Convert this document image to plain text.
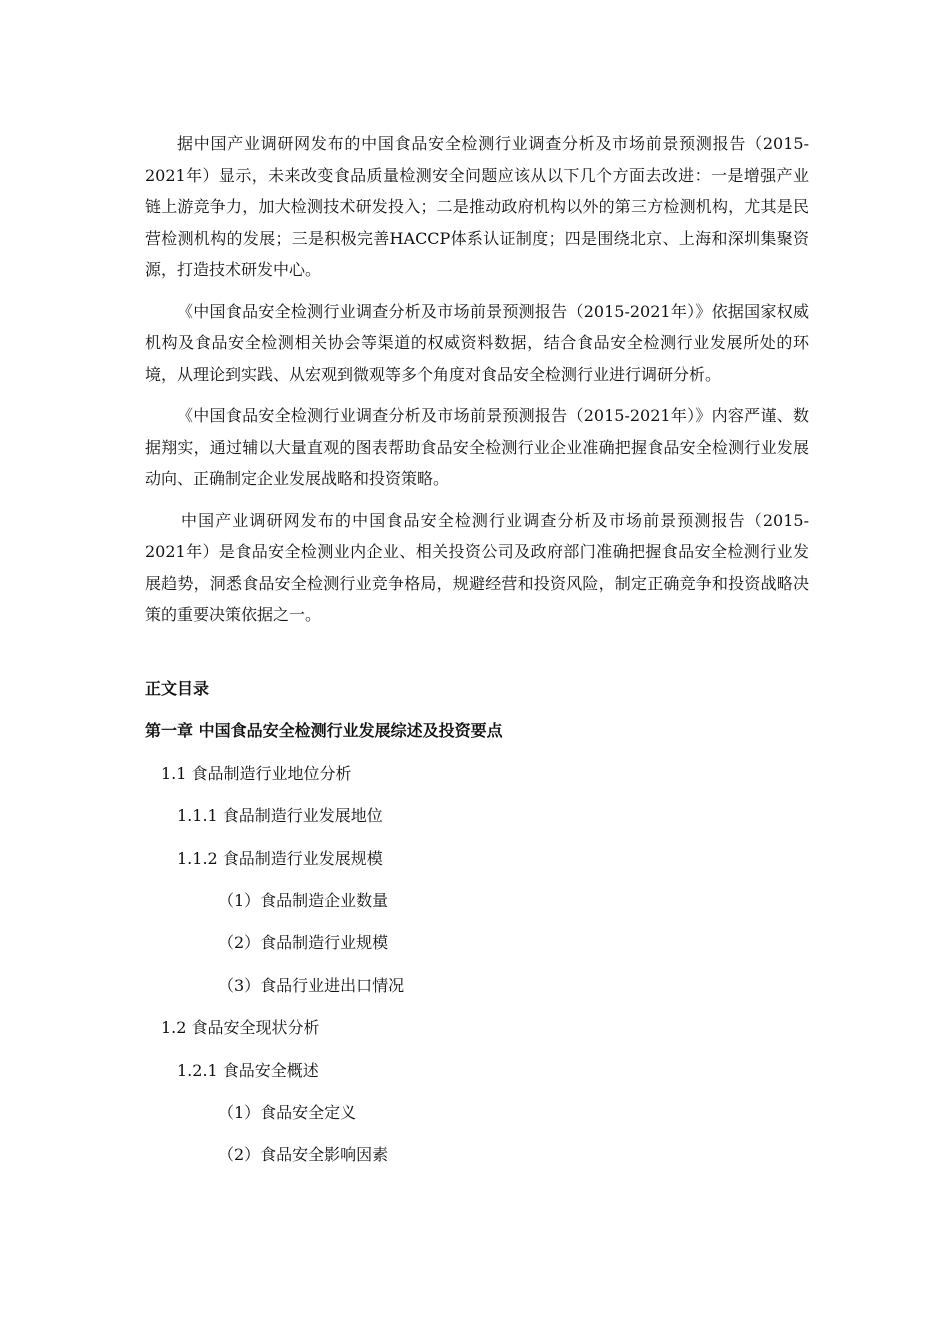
据中国产业调研网发布的中国食品安全检测行业调查分析及市场前景预测报告（2015-2021年）显示，未来改变食品质量检测安全问题应该从以下几个方面去改进：一是增强产业链上游竞争力，加大检测技术研发投入；二是推动政府机构以外的第三方检测机构，尤其是民营检测机构的发展；三是积极完善HACCP体系认证制度；四是围绕北京、上海和深圳集聚资源，打造技术研发中心。

《中国食品安全检测行业调查分析及市场前景预测报告（2015-2021年）》依据国家权威机构及食品安全检测相关协会等渠道的权威资料数据，结合食品安全检测行业发展所处的环境，从理论到实践、从宏观到微观等多个角度对食品安全检测行业进行调研分析。

《中国食品安全检测行业调查分析及市场前景预测报告（2015-2021年）》内容严谨、数据翔实，通过辅以大量直观的图表帮助食品安全检测行业企业准确把握食品安全检测行业发展动向、正确制定企业发展战略和投资策略。

中国产业调研网发布的中国食品安全检测行业调查分析及市场前景预测报告（2015-2021年）是食品安全检测业内企业、相关投资公司及政府部门准确把握食品安全检测行业发展趋势，洞悉食品安全检测行业竞争格局，规避经营和投资风险，制定正确竞争和投资战略决策的重要决策依据之一。

正文目录

第一章 中国食品安全检测行业发展综述及投资要点

1.1 食品制造行业地位分析

1.1.1 食品制造行业发展地位

1.1.2 食品制造行业发展规模

（1）食品制造企业数量

（2）食品制造行业规模

（3）食品行业进出口情况

1.2 食品安全现状分析

1.2.1 食品安全概述

（1）食品安全定义

（2）食品安全影响因素
